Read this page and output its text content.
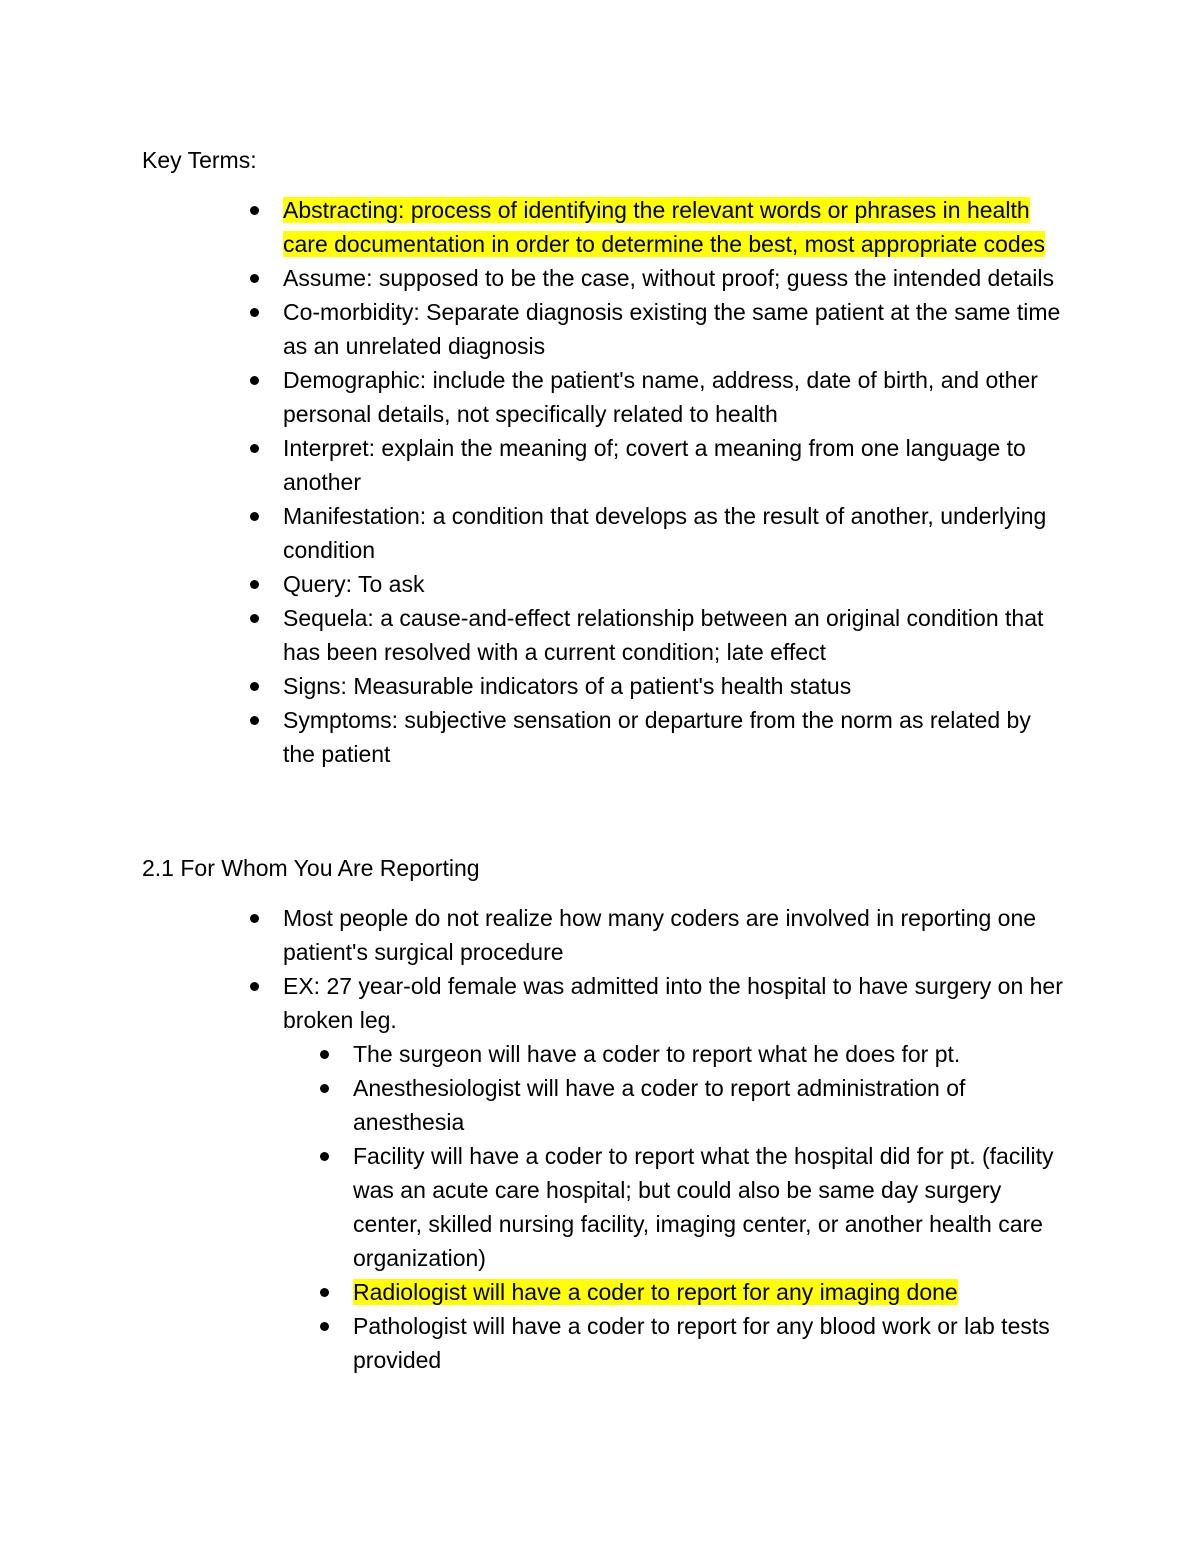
Key Terms:
Abstracting: process of identifying the relevant words or phrases in health care documentation in order to determine the best, most appropriate codes
Assume: supposed to be the case, without proof; guess the intended details
Co-morbidity: Separate diagnosis existing the same patient at the same time as an unrelated diagnosis
Demographic: include the patient's name, address, date of birth, and other personal details, not specifically related to health
Interpret: explain the meaning of; covert a meaning from one language to another
Manifestation: a condition that develops as the result of another, underlying condition
Query: To ask
Sequela: a cause-and-effect relationship between an original condition that has been resolved with a current condition; late effect
Signs: Measurable indicators of a patient's health status
Symptoms: subjective sensation or departure from the norm as related by the patient
2.1 For Whom You Are Reporting
Most people do not realize how many coders are involved in reporting one patient's surgical procedure
EX: 27 year-old female was admitted into the hospital to have surgery on her broken leg.
The surgeon will have a coder to report what he does for pt.
Anesthesiologist will have a coder to report administration of anesthesia
Facility will have a coder to report what the hospital did for pt. (facility was an acute care hospital; but could also be same day surgery center, skilled nursing facility, imaging center, or another health care organization)
Radiologist will have a coder to report for any imaging done
Pathologist will have a coder to report for any blood work or lab tests provided
